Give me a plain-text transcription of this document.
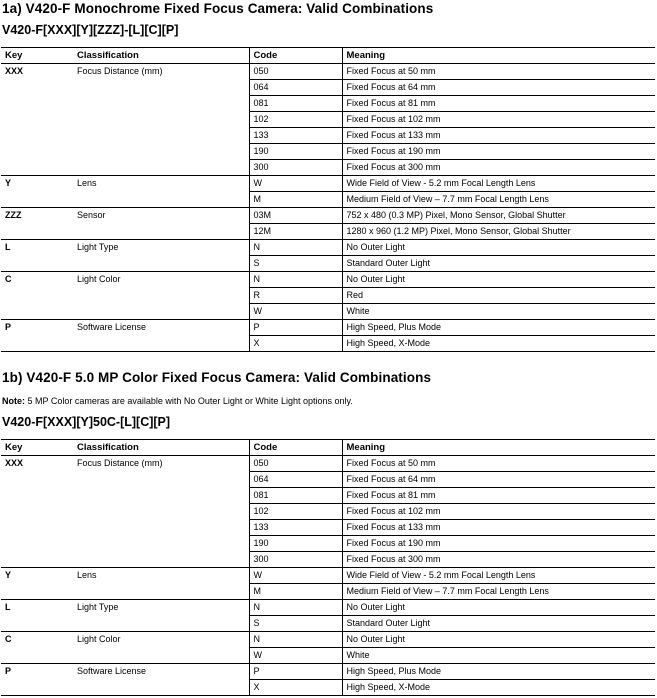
1a) V420-F Monochrome Fixed Focus Camera: Valid Combinations
V420-F[XXX][Y][ZZZ]-[L][C][P]
Key	Classification	Code	Meaning
XXX	Focus Distance (mm)	050	Fixed Focus at 50 mm
		064	Fixed Focus at 64 mm
		081	Fixed Focus at 81 mm
		102	Fixed Focus at 102 mm
		133	Fixed Focus at 133 mm
		190	Fixed Focus at 190 mm
		300	Fixed Focus at 300 mm
Y	Lens	W	Wide Field of View - 5.2 mm Focal Length Lens
		M	Medium Field of View – 7.7 mm Focal Length Lens
ZZZ	Sensor	03M	752 x 480 (0.3 MP) Pixel, Mono Sensor, Global Shutter
		12M	1280 x 960 (1.2 MP) Pixel, Mono Sensor, Global Shutter
L	Light Type	N	No Outer Light
		S	Standard Outer Light
C	Light Color	N	No Outer Light
		R	Red
		W	White
P	Software License	P	High Speed, Plus Mode
		X	High Speed, X-Mode
1b) V420-F 5.0 MP Color Fixed Focus Camera: Valid Combinations

Note: 5 MP Color cameras are available with No Outer Light or White Light options only.

V420-F[XXX][Y]50C-[L][C][P]
Key	Classification	Code	Meaning
XXX	Focus Distance (mm)	050	Fixed Focus at 50 mm
		064	Fixed Focus at 64 mm
		081	Fixed Focus at 81 mm
		102	Fixed Focus at 102 mm
		133	Fixed Focus at 133 mm
		190	Fixed Focus at 190 mm
		300	Fixed Focus at 300 mm
Y	Lens	W	Wide Field of View - 5.2 mm Focal Length Lens
		M	Medium Field of View – 7.7 mm Focal Length Lens
L	Light Type	N	No Outer Light
		S	Standard Outer Light
C	Light Color	N	No Outer Light
		W	White
P	Software License	P	High Speed, Plus Mode
		X	High Speed, X-Mode
